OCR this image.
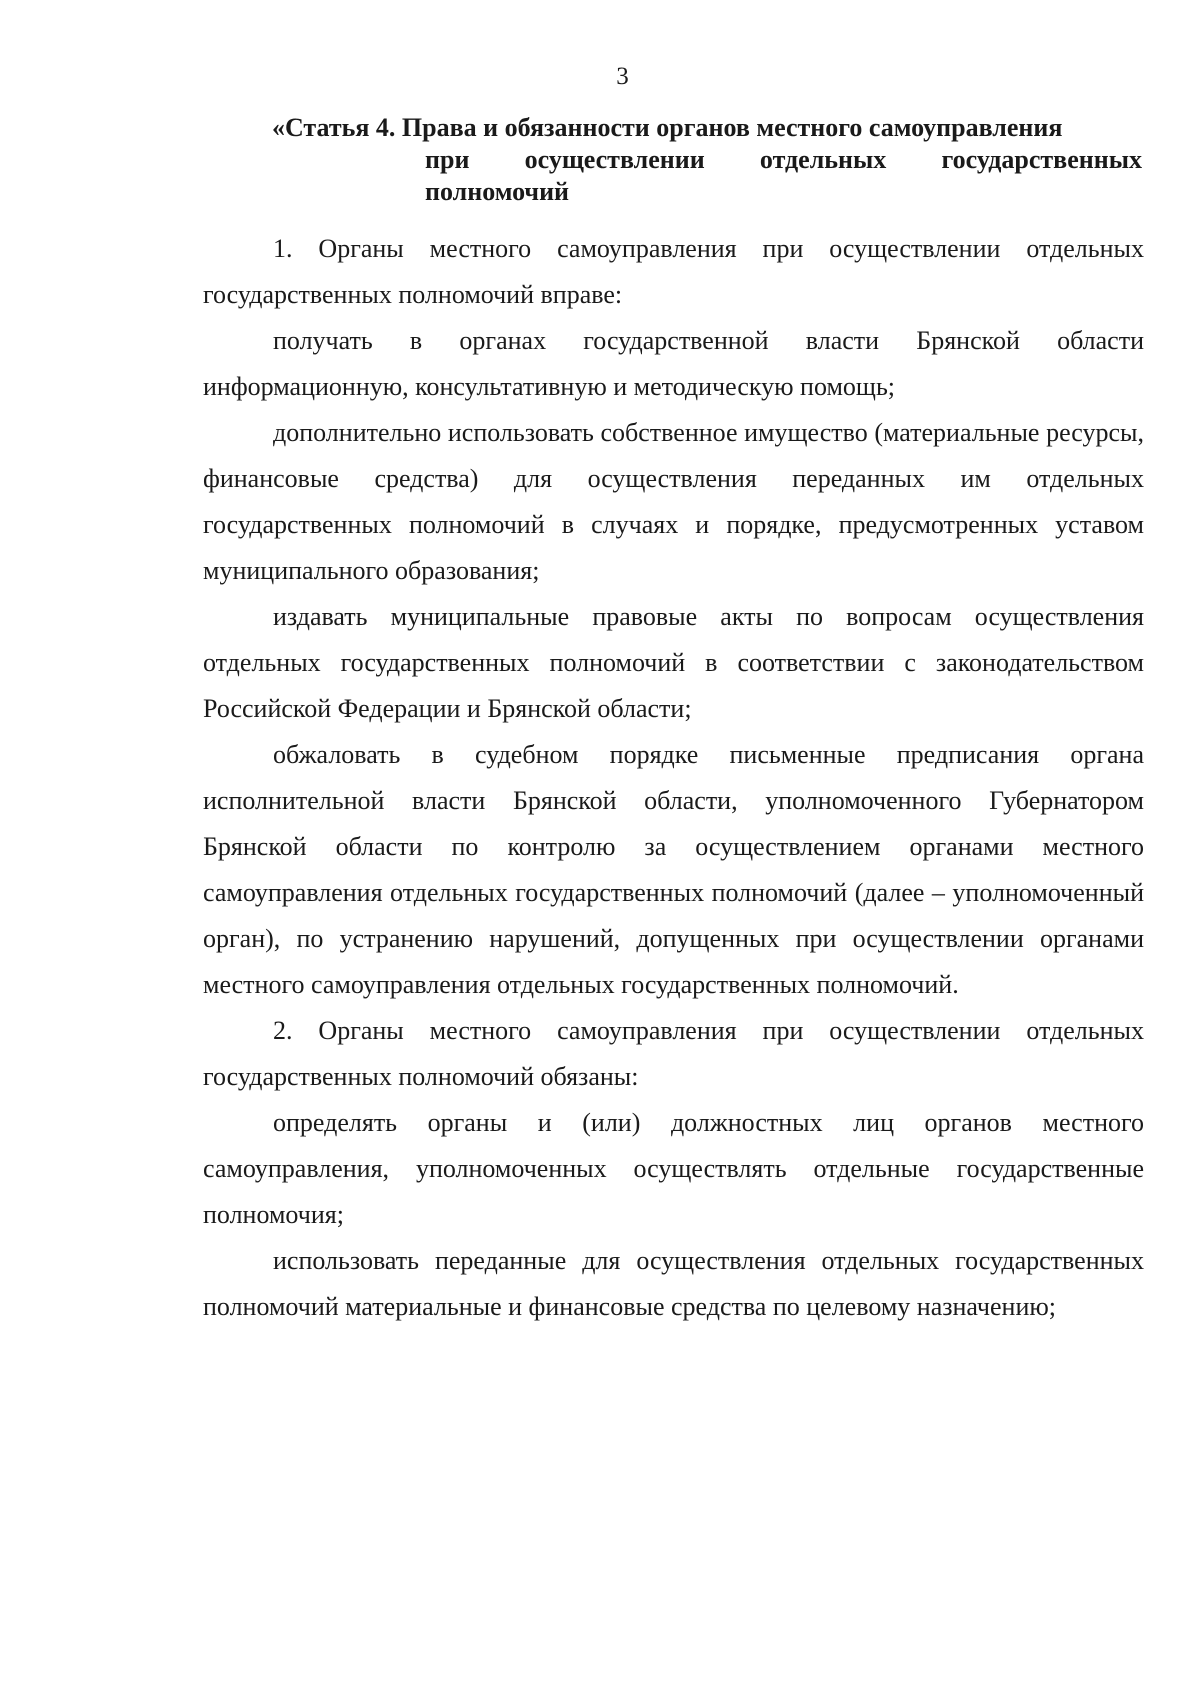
3
«Статья 4. Права и обязанности органов местного самоуправления
при осуществлении отдельных государственных полномочий

1. Органы местного самоуправления при осуществлении отдельных государственных полномочий вправе:

получать в органах государственной власти Брянской области информационную, консультативную и методическую помощь;

дополнительно использовать собственное имущество (материальные ресурсы, финансовые средства) для осуществления переданных им отдельных государственных полномочий в случаях и порядке, предусмотренных уставом муниципального образования;

издавать муниципальные правовые акты по вопросам осуществления отдельных государственных полномочий в соответствии с законодательством Российской Федерации и Брянской области;

обжаловать в судебном порядке письменные предписания органа исполнительной власти Брянской области, уполномоченного Губернатором Брянской области по контролю за осуществлением органами местного самоуправления отдельных государственных полномочий (далее – уполномоченный орган), по устранению нарушений, допущенных при осуществлении органами местного самоуправления отдельных государственных полномочий.

2. Органы местного самоуправления при осуществлении отдельных государственных полномочий обязаны:

определять органы и (или) должностных лиц органов местного самоуправления, уполномоченных осуществлять отдельные государственные полномочия;

использовать переданные для осуществления отдельных государственных полномочий материальные и финансовые средства по целевому назначению;
